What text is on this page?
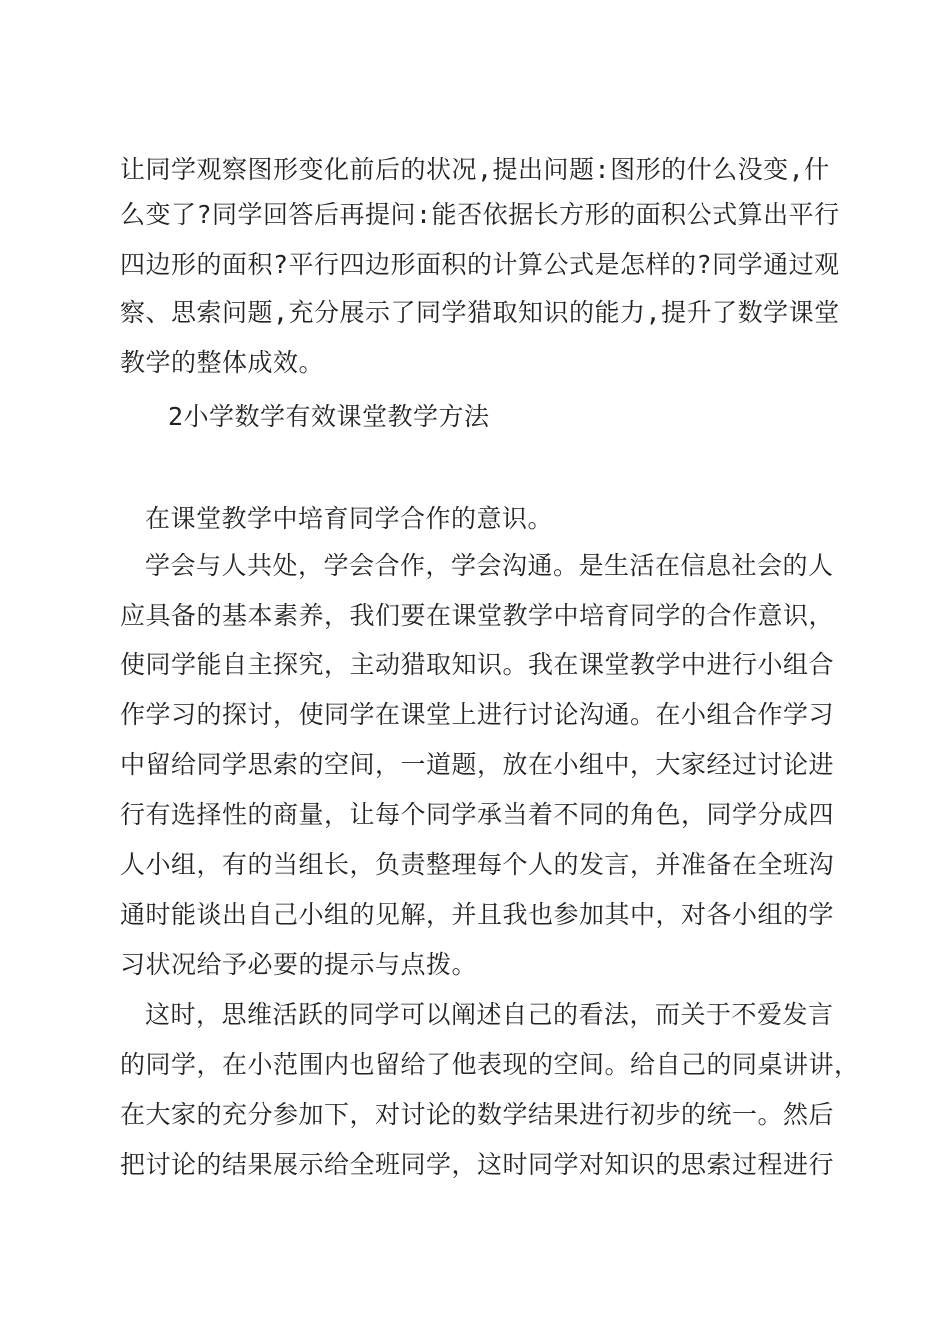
让同学观察图形变化前后的状况,提出问题:图形的什么没变,什
么变了?同学回答后再提问:能否依据长方形的面积公式算出平行
四边形的面积?平行四边形面积的计算公式是怎样的?同学通过观
察、思索问题,充分展示了同学猎取知识的能力,提升了数学课堂
教学的整体成效。
2小学数学有效课堂教学方法
在课堂教学中培育同学合作的意识。
学会与人共处，学会合作，学会沟通。是生活在信息社会的人
应具备的基本素养，我们要在课堂教学中培育同学的合作意识，
使同学能自主探究，主动猎取知识。我在课堂教学中进行小组合
作学习的探讨，使同学在课堂上进行讨论沟通。在小组合作学习
中留给同学思索的空间，一道题，放在小组中，大家经过讨论进
行有选择性的商量，让每个同学承当着不同的角色，同学分成四
人小组，有的当组长，负责整理每个人的发言，并准备在全班沟
通时能谈出自己小组的见解，并且我也参加其中，对各小组的学
习状况给予必要的提示与点拨。
这时，思维活跃的同学可以阐述自己的看法，而关于不爱发言
的同学，在小范围内也留给了他表现的空间。给自己的同桌讲讲，
在大家的充分参加下，对讨论的数学结果进行初步的统一。然后
把讨论的结果展示给全班同学，这时同学对知识的思索过程进行
